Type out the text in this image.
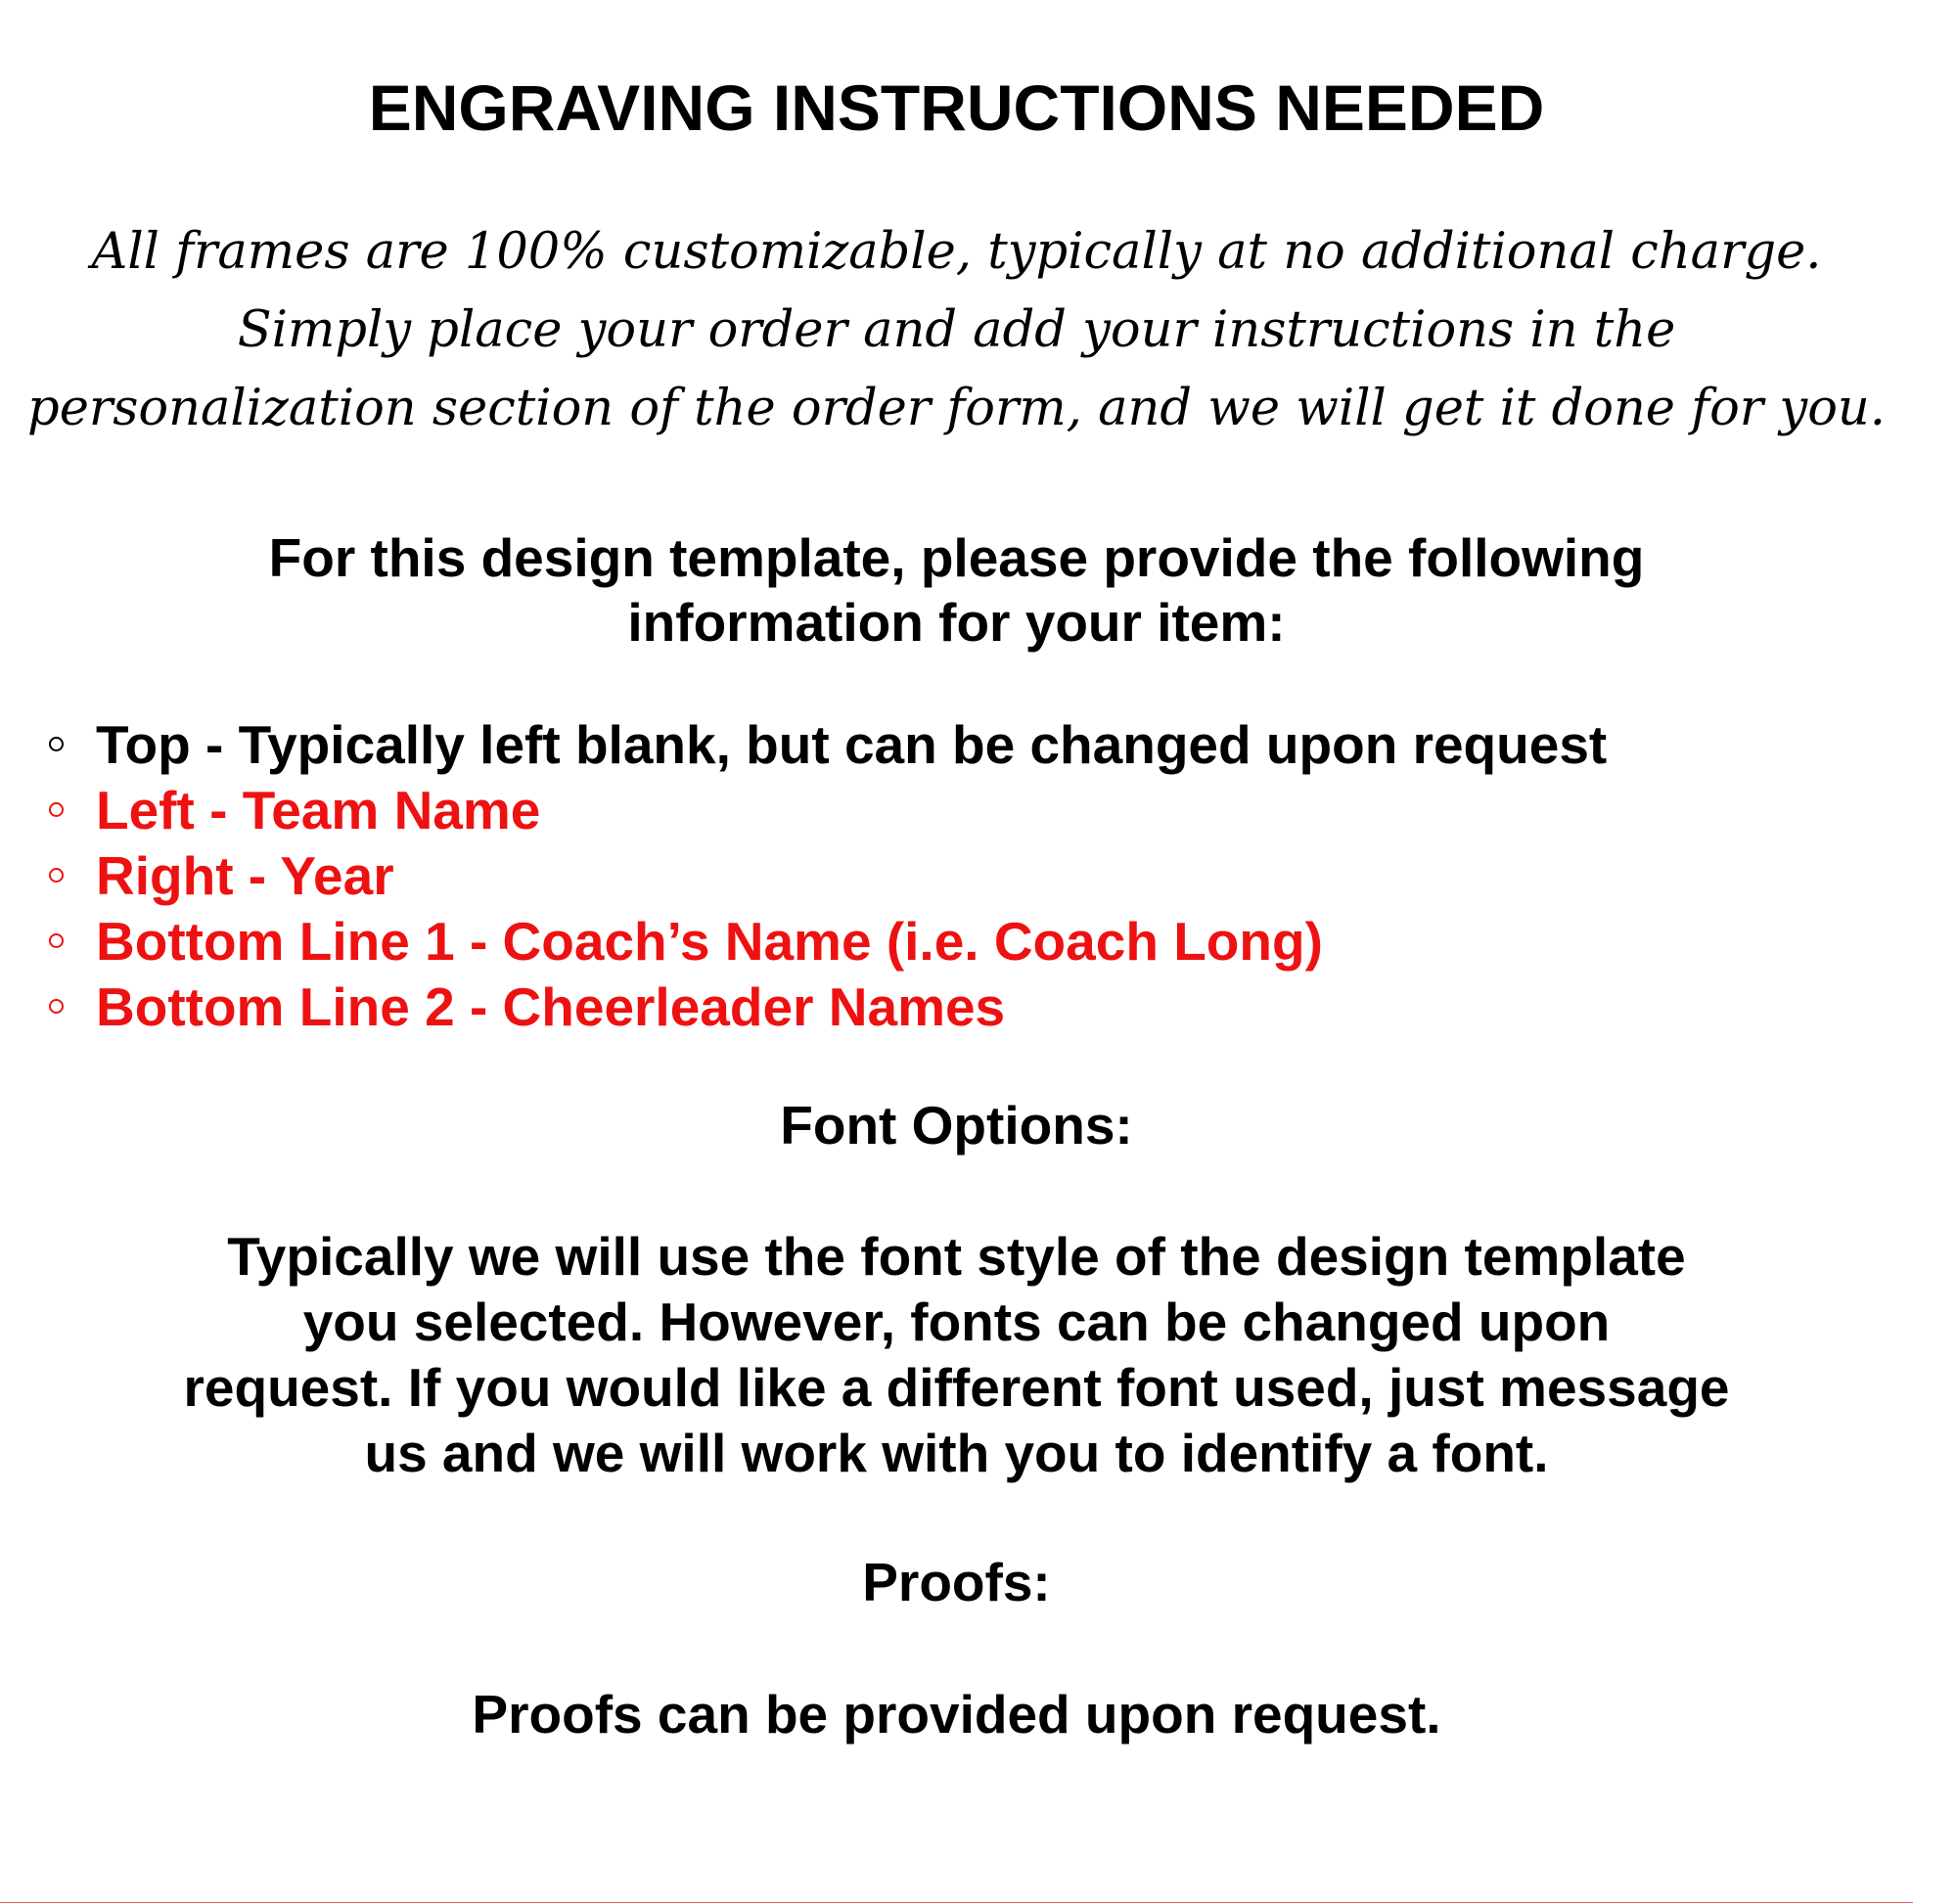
ENGRAVING INSTRUCTIONS NEEDED
All frames are 100% customizable, typically at no additional charge.
Simply place your order and add your instructions in the
personalization section of the order form, and we will get it done for you.
For this design template, please provide the following
information for your item:
Top - Typically left blank, but can be changed upon request
Left - Team Name
Right - Year
Bottom Line 1 - Coach’s Name (i.e. Coach Long)
Bottom Line 2 - Cheerleader Names
Font Options:
Typically we will use the font style of the design template
you selected. However, fonts can be changed upon
request. If you would like a different font used, just message
us and we will work with you to identify a font.
Proofs:
Proofs can be provided upon request.
